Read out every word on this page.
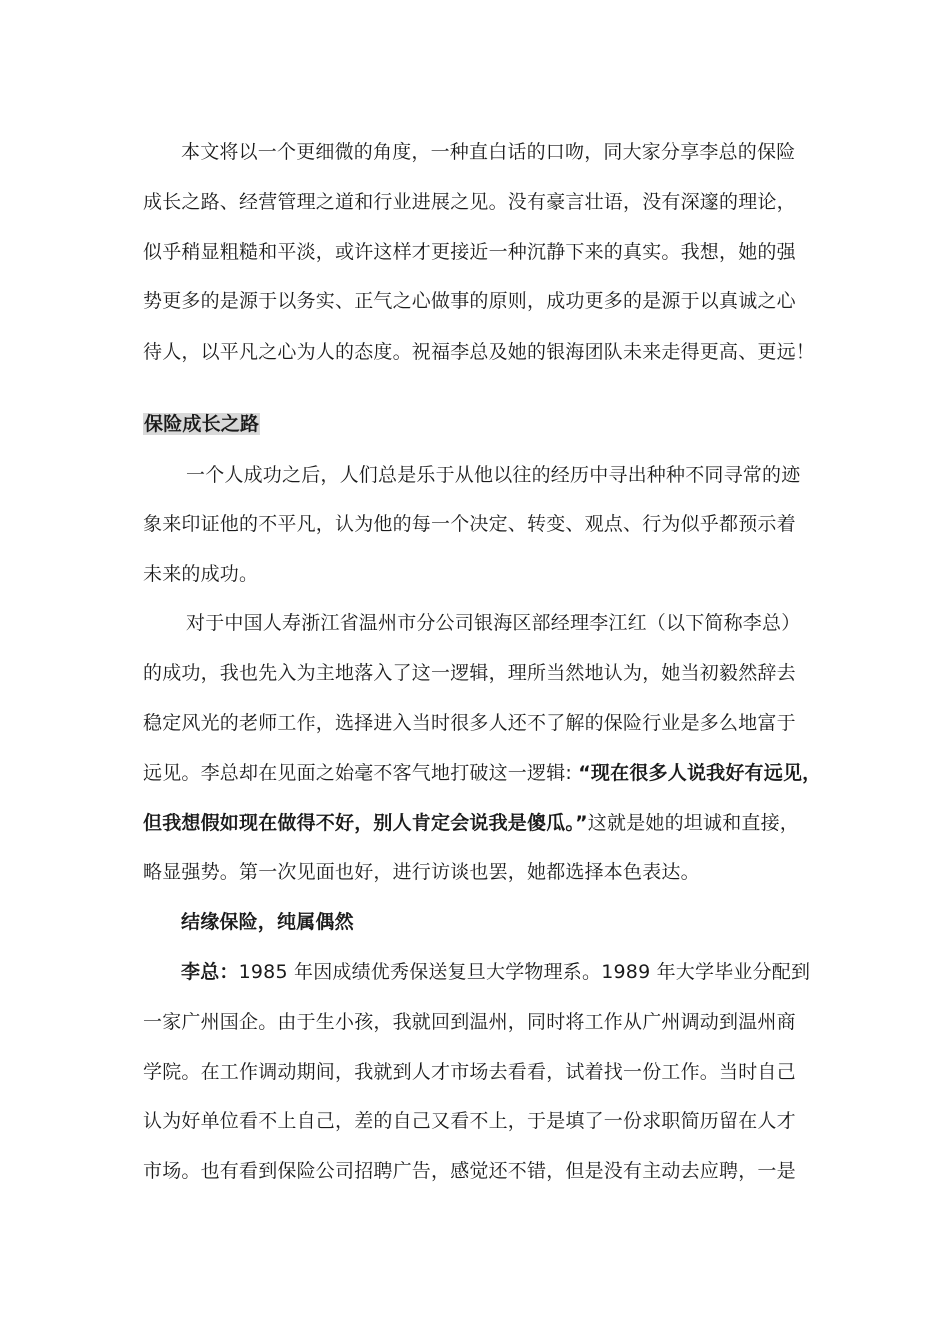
本文将以一个更细微的角度，一种直白话的口吻，同大家分享李总的保险
成长之路、经营管理之道和行业进展之见。没有豪言壮语，没有深邃的理论，
似乎稍显粗糙和平淡，或许这样才更接近一种沉静下来的真实。我想，她的强
势更多的是源于以务实、正气之心做事的原则，成功更多的是源于以真诚之心
待人，以平凡之心为人的态度。祝福李总及她的银海团队未来走得更高、更远！
保险成长之路
一个人成功之后，人们总是乐于从他以往的经历中寻出种种不同寻常的迹
象来印证他的不平凡，认为他的每一个决定、转变、观点、行为似乎都预示着
未来的成功。
对于中国人寿浙江省温州市分公司银海区部经理李江红（以下简称李总）
的成功，我也先入为主地落入了这一逻辑，理所当然地认为，她当初毅然辞去
稳定风光的老师工作，选择进入当时很多人还不了解的保险行业是多么地富于
远见。李总却在见面之始毫不客气地打破这一逻辑: “现在很多人说我好有远见，
但我想假如现在做得不好，别人肯定会说我是傻瓜。”这就是她的坦诚和直接，
略显强势。第一次见面也好，进行访谈也罢，她都选择本色表达。
结缘保险，纯属偶然
李总：1985 年因成绩优秀保送复旦大学物理系。1989 年大学毕业分配到
一家广州国企。由于生小孩，我就回到温州，同时将工作从广州调动到温州商
学院。在工作调动期间，我就到人才市场去看看，试着找一份工作。当时自己
认为好单位看不上自己，差的自己又看不上，于是填了一份求职简历留在人才
市场。也有看到保险公司招聘广告，感觉还不错，但是没有主动去应聘，一是
